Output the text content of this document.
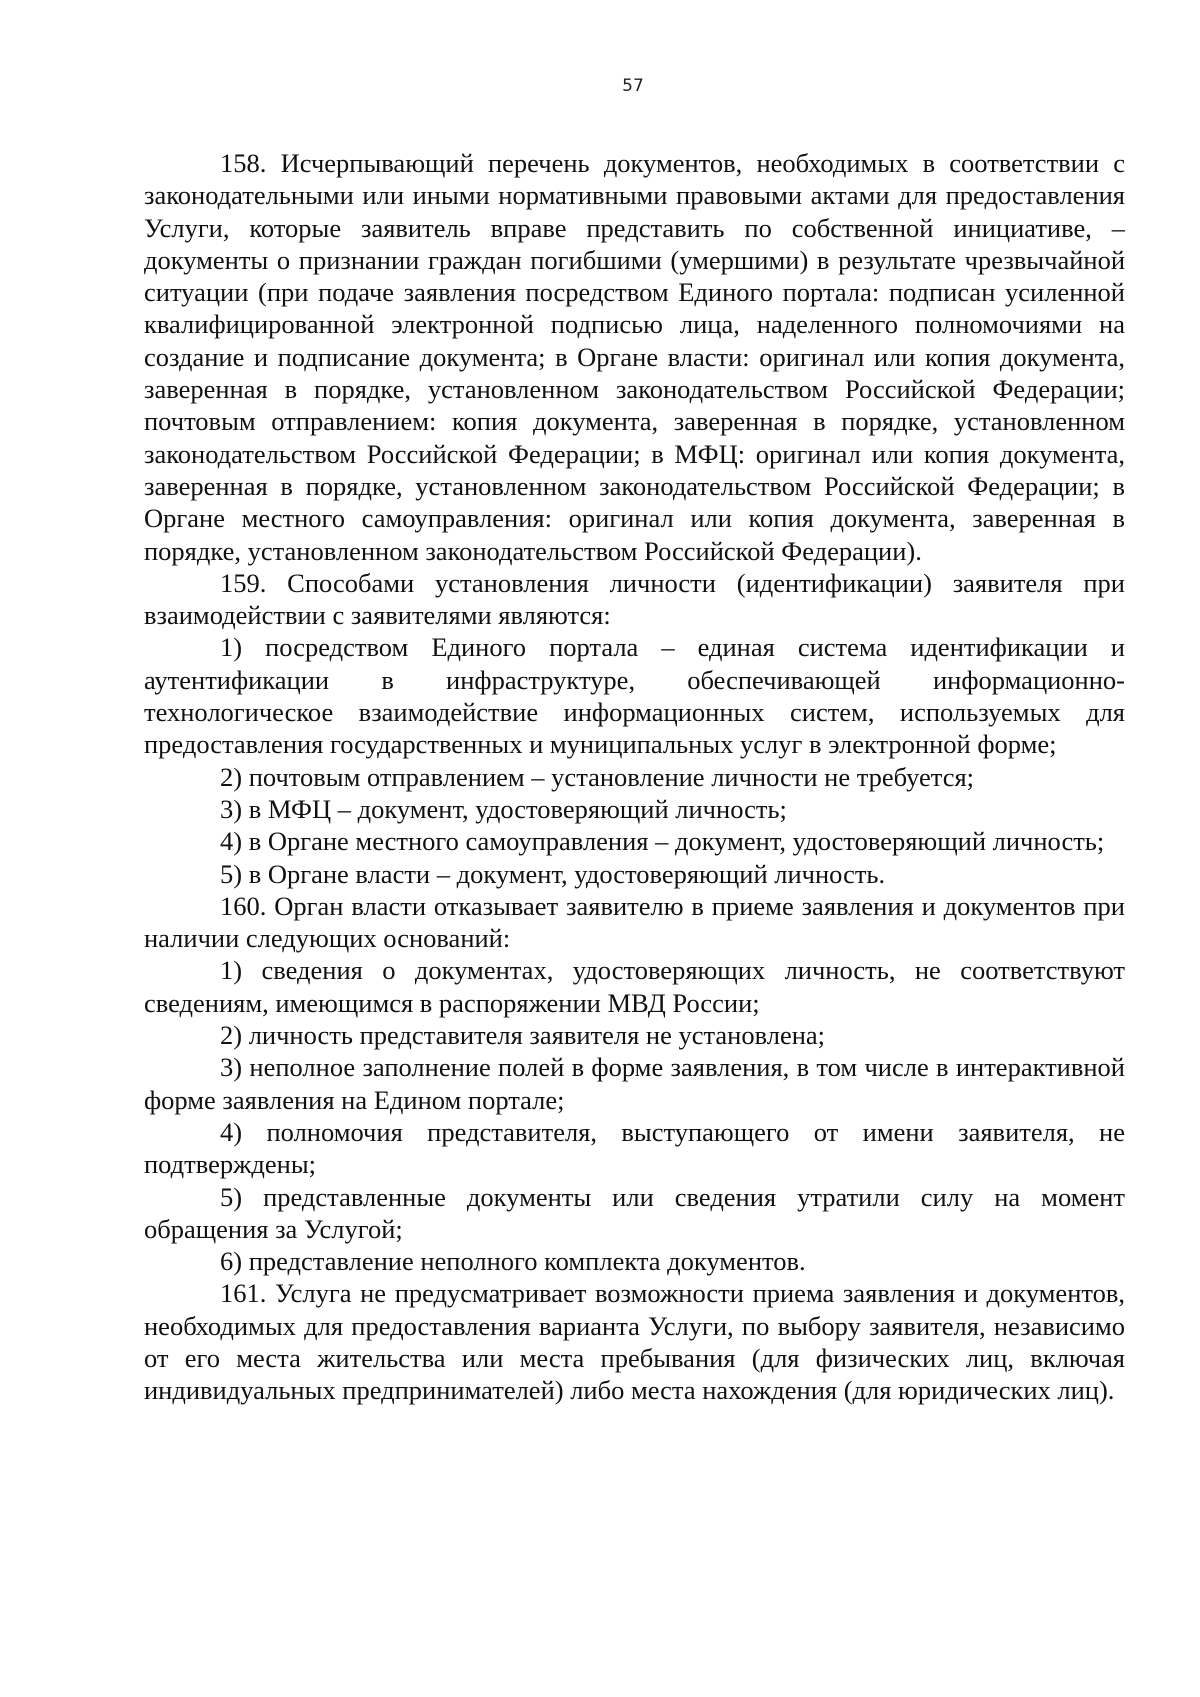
57

158. Исчерпывающий перечень документов, необходимых в соответствии с законодательными или иными нормативными правовыми актами для предоставления Услуги, которые заявитель вправе представить по собственной инициативе, – документы о признании граждан погибшими (умершими) в результате чрезвычайной ситуации (при подаче заявления посредством Единого портала: подписан усиленной квалифицированной электронной подписью лица, наделенного полномочиями на создание и подписание документа; в Органе власти: оригинал или копия документа, заверенная в порядке, установленном законодательством Российской Федерации; почтовым отправлением: копия документа, заверенная в порядке, установленном законодательством Российской Федерации; в МФЦ: оригинал или копия документа, заверенная в порядке, установленном законодательством Российской Федерации; в Органе местного самоуправления: оригинал или копия документа, заверенная в порядке, установленном законодательством Российской Федерации).

159. Способами установления личности (идентификации) заявителя при взаимодействии с заявителями являются:

1) посредством Единого портала – единая система идентификации и аутентификации в инфраструктуре, обеспечивающей информационно-технологическое взаимодействие информационных систем, используемых для предоставления государственных и муниципальных услуг в электронной форме;

2) почтовым отправлением – установление личности не требуется;

3) в МФЦ – документ, удостоверяющий личность;

4) в Органе местного самоуправления – документ, удостоверяющий личность;

5) в Органе власти – документ, удостоверяющий личность.

160. Орган власти отказывает заявителю в приеме заявления и документов при наличии следующих оснований:

1) сведения о документах, удостоверяющих личность, не соответствуют сведениям, имеющимся в распоряжении МВД России;

2) личность представителя заявителя не установлена;

3) неполное заполнение полей в форме заявления, в том числе в интерактивной форме заявления на Едином портале;

4) полномочия представителя, выступающего от имени заявителя, не подтверждены;

5) представленные документы или сведения утратили силу на момент обращения за Услугой;

6) представление неполного комплекта документов.

161. Услуга не предусматривает возможности приема заявления и документов, необходимых для предоставления варианта Услуги, по выбору заявителя, независимо от его места жительства или места пребывания (для физических лиц, включая индивидуальных предпринимателей) либо места нахождения (для юридических лиц).
